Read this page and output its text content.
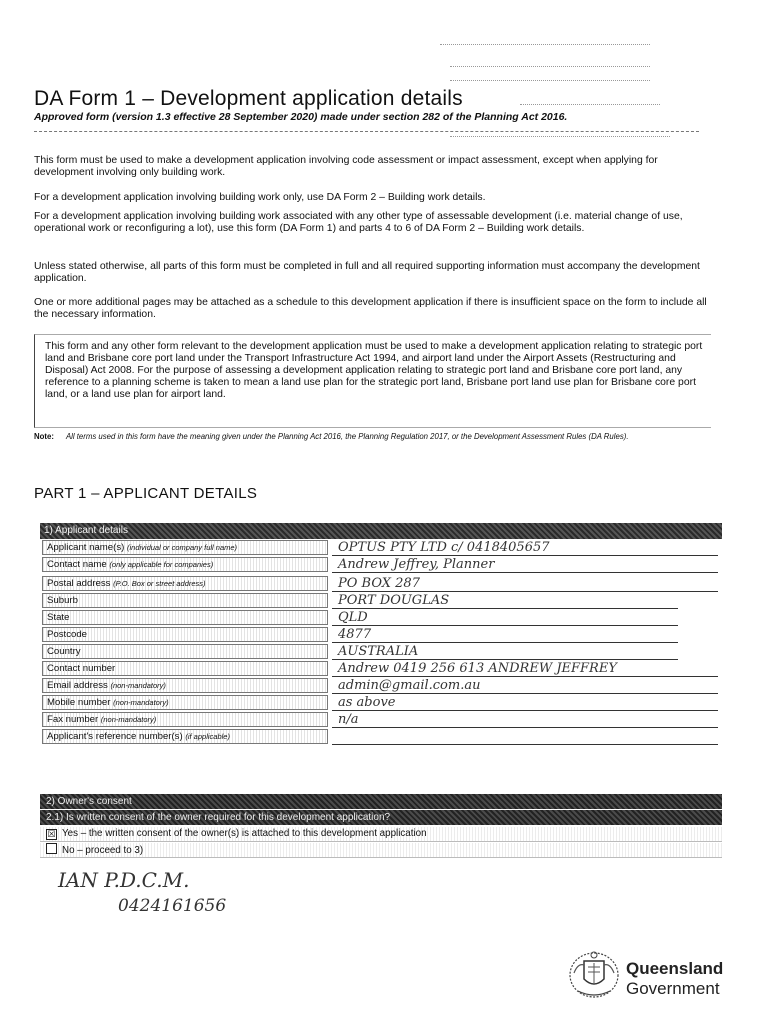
DA Form 1 – Development application details
Approved form (version 1.3 effective 28 September 2020) made under section 282 of the Planning Act 2016.
This form must be used to make a development application involving code assessment or impact assessment, except when applying for development involving only building work.
For a development application involving building work only, use DA Form 2 – Building work details.
For a development application involving building work associated with any other type of assessable development (i.e. material change of use, operational work or reconfiguring a lot), use this form (DA Form 1) and parts 4 to 6 of DA Form 2 – Building work details.
Unless stated otherwise, all parts of this form must be completed in full and all required supporting information must accompany the development application.
One or more additional pages may be attached as a schedule to this development application if there is insufficient space on the form to include all the necessary information.
This form and any other form relevant to the development application must be used to make a development application relating to strategic port land and Brisbane core port land under the Transport Infrastructure Act 1994, and airport land under the Airport Assets (Restructuring and Disposal) Act 2008. For the purpose of assessing a development application relating to strategic port land and Brisbane core port land, any reference to a planning scheme is taken to mean a land use plan for the strategic port land, Brisbane port land use plan for Brisbane core port land, or a land use plan for airport land.
Note: All terms used in this form have the meaning given under the Planning Act 2016, the Planning Regulation 2017, or the Development Assessment Rules (DA Rules).
PART 1 – APPLICANT DETAILS
1) Applicant details
Applicant name(s) (individual or company full name)	OPTUS PTY LTD c/ 0418405657
Contact name (only applicable for companies)	Andrew Jeffrey, Planner
Postal address (P.O. Box or street address)	PO BOX 287
Suburb	PORT DOUGLAS
State	QLD
Postcode	4877
Country	AUSTRALIA
Contact number	Andrew 0419 256 613 ANDREW JEFFREY
Email address (non-mandatory)	admin@gmail.com.au
Mobile number (non-mandatory)	as above
Fax number (non-mandatory)	n/a
Applicant's reference number(s) (if applicable)
2) Owner's consent
2.1) Is written consent of the owner required for this development application?
☒ Yes – the written consent of the owner(s) is attached to this development application
No – proceed to 3)
IAN P.D.C.M.
0424161656
Queensland
Government
